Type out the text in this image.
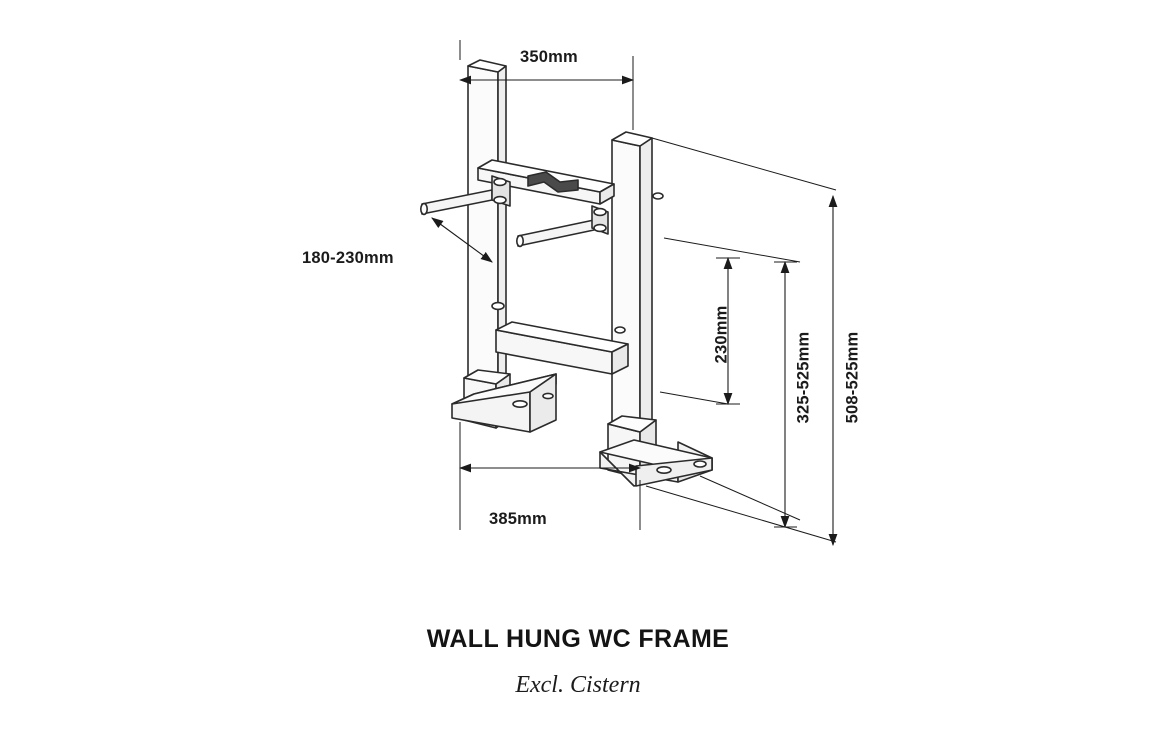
350mm
180-230mm
230mm	325-525mm 508-525mm
385mm
WALL HUNG WC FRAME
Excl. Cistern
